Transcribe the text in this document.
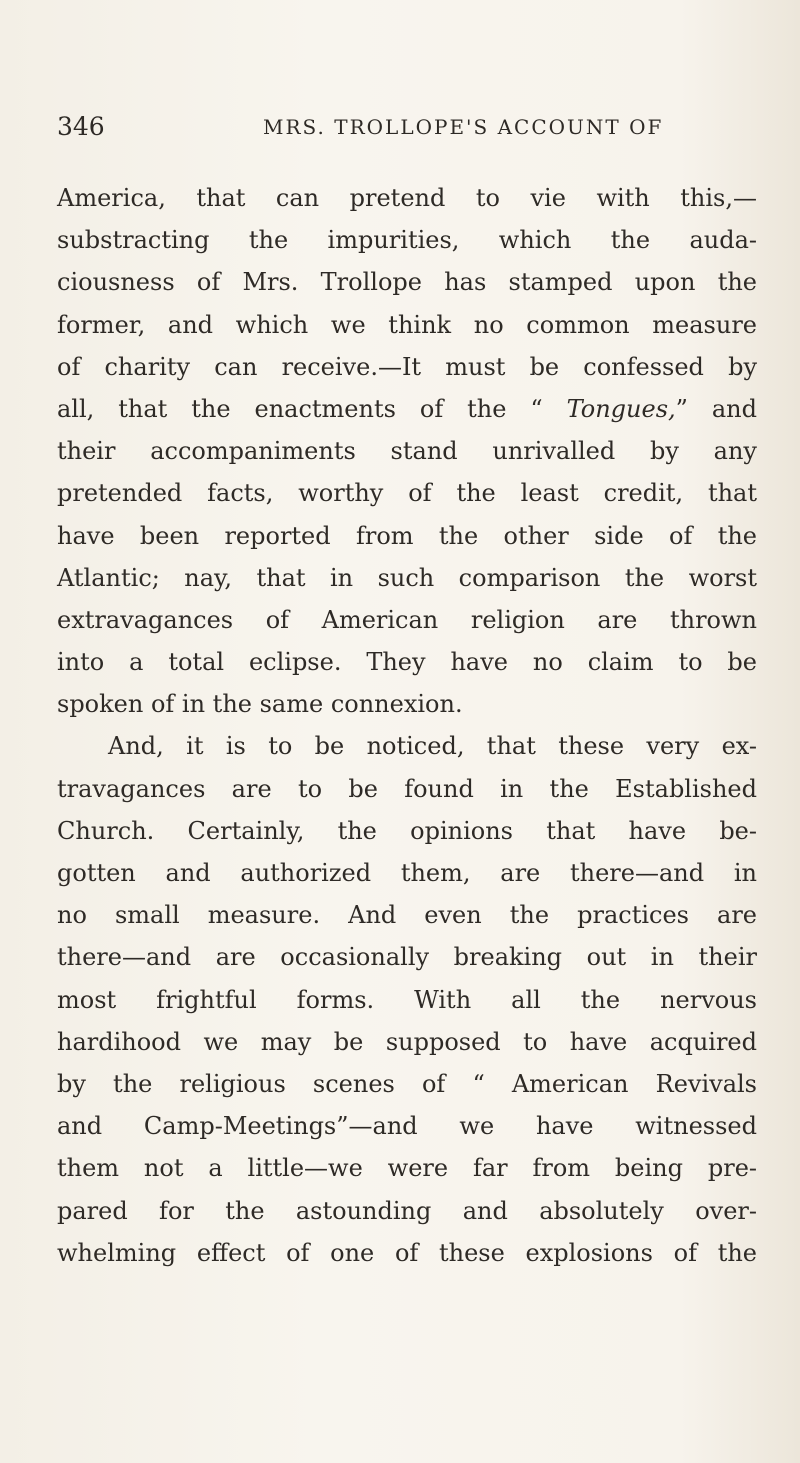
346	MRS. TROLLOPE'S ACCOUNT OF
America, that can pretend to vie with this,—
substracting the impurities, which the auda-
ciousness of Mrs. Trollope has stamped upon the
former, and which we think no common measure
of charity can receive.—It must be confessed by
all, that the enactments of the “ Tongues,” and
their accompaniments stand unrivalled by any
pretended facts, worthy of the least credit, that
have been reported from the other side of the
Atlantic; nay, that in such comparison the worst
extravagances of American religion are thrown
into a total eclipse. They have no claim to be
spoken of in the same connexion.
And, it is to be noticed, that these very ex-
travagances are to be found in the Established
Church. Certainly, the opinions that have be-
gotten and authorized them, are there—and in
no small measure. And even the practices are
there—and are occasionally breaking out in their
most frightful forms. With all the nervous
hardihood we may be supposed to have acquired
by the religious scenes of “ American Revivals
and Camp-Meetings”—and we have witnessed
them not a little—we were far from being pre-
pared for the astounding and absolutely over-
whelming effect of one of these explosions of the
